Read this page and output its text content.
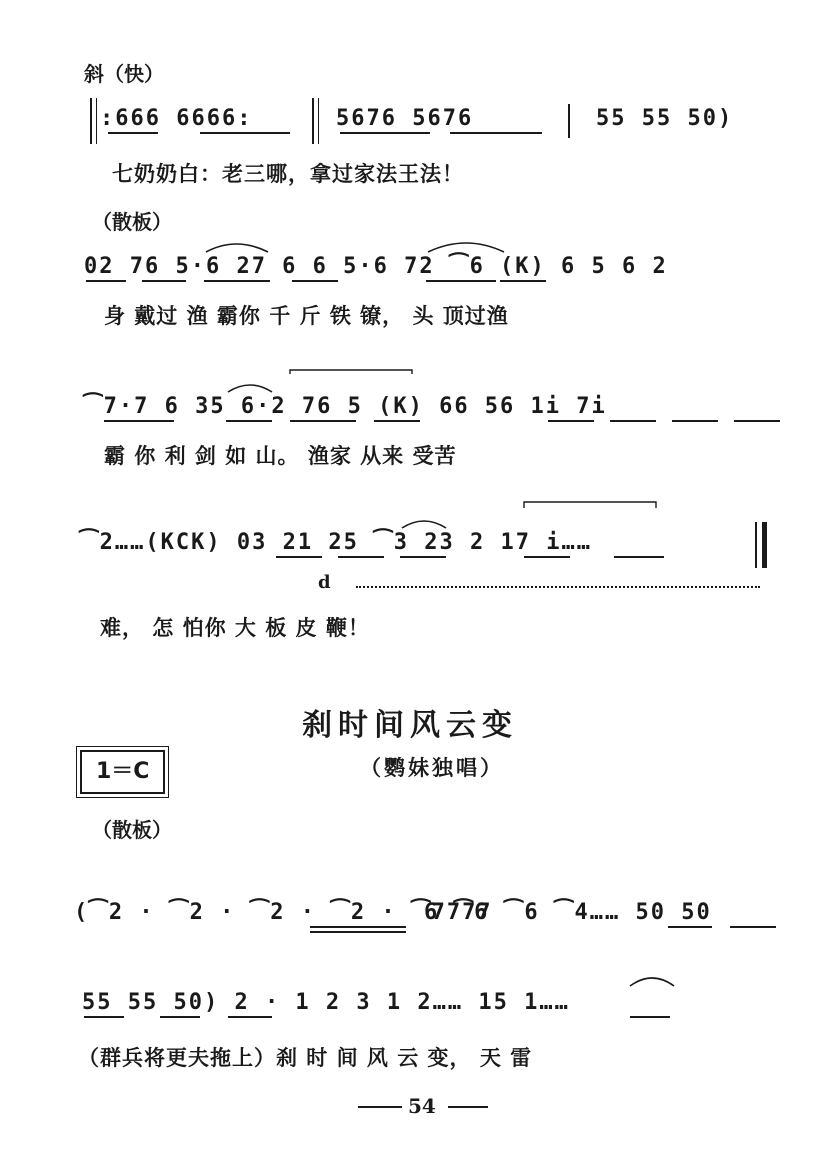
斜（快）
:666 6666:	5676 5676	55 55 50)
七奶奶白：老三哪，拿过家法王法！
（散板）
02 76 5·6 27 6 6 5·6 72 ⁀6 (K) 6 5 6 2
身 戴过 渔 霸你 千 斤 铁 镣， 头 顶过渔
⁀7·7 6 35 6·2 76 5 (K) 66 56 1i 7i
霸 你 利 剑 如 山。 渔家 从来 受苦
⁀2……(KCK) 03 21 25 ⁀3 23 2 17 i……
d
难， 怎 怕你 大 板 皮 鞭！
刹时间风云变
1＝C	（鹦妹独唱）
（散板）
(⁀2 · ⁀2 · ⁀2 · ⁀2 · ⁀7777
6 ⁀6 ⁀6 ⁀4…… 50 50
55 55 50) 2 · 1 2 3 1 2…… 15 1……
（群兵将更夫拖上）刹 时 间 风 云 变， 天 雷
54
